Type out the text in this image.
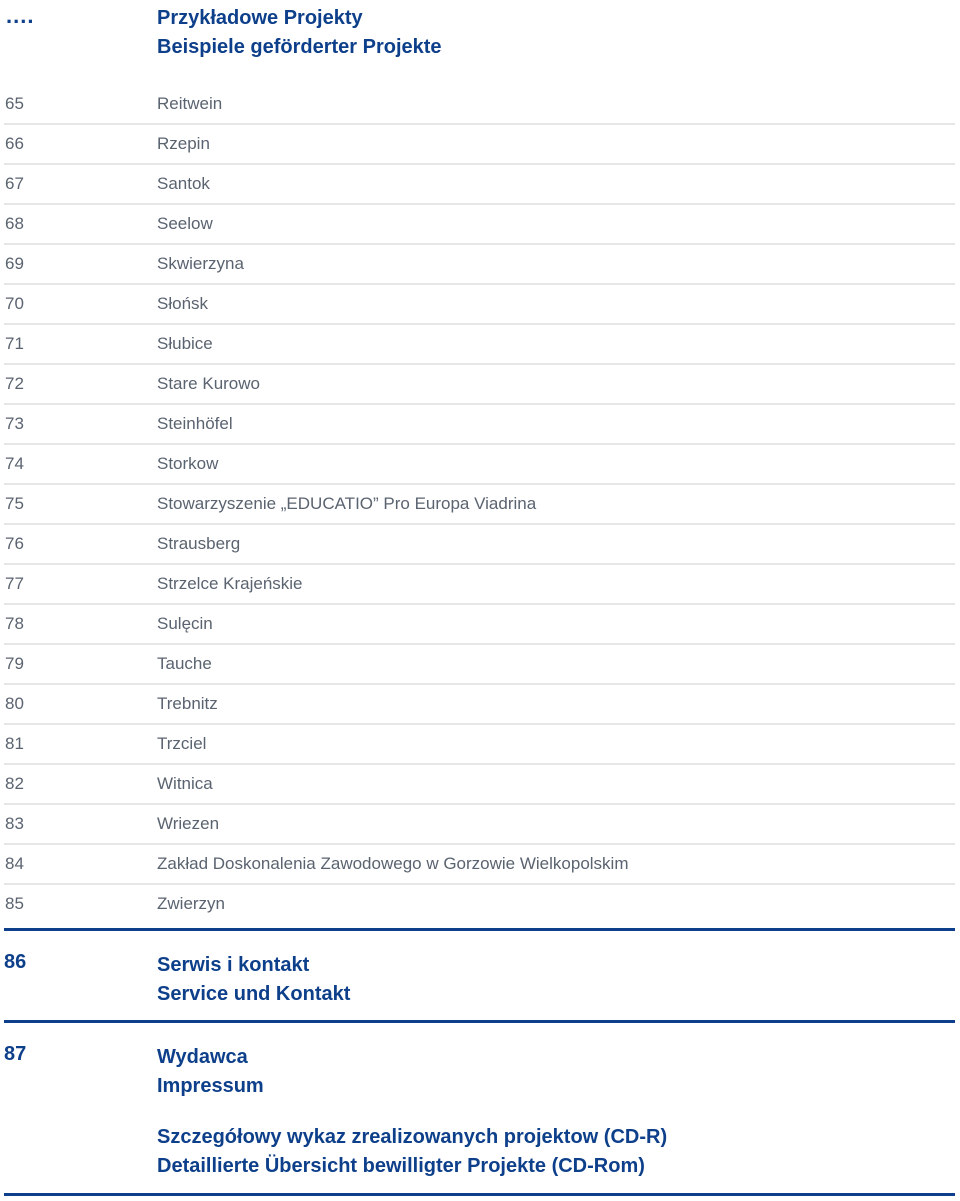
....	Przykładowe Projekty
Beispiele geförderter Projekte
65	Reitwein
66	Rzepin
67	Santok
68	Seelow
69	Skwierzyna
70	Słońsk
71	Słubice
72	Stare Kurowo
73	Steinhöfel
74	Storkow
75	Stowarzyszenie „EDUCATIO” Pro Europa Viadrina
76	Strausberg
77	Strzelce Krajeńskie
78	Sulęcin
79	Tauche
80	Trebnitz
81	Trzciel
82	Witnica
83	Wriezen
84	Zakład Doskonalenia Zawodowego w Gorzowie Wielkopolskim
85	Zwierzyn
86	Serwis i kontakt
Service und Kontakt
87	Wydawca
Impressum
Szczegółowy wykaz zrealizowanych projektow (CD-R)
Detaillierte Übersicht bewilligter Projekte (CD-Rom)
